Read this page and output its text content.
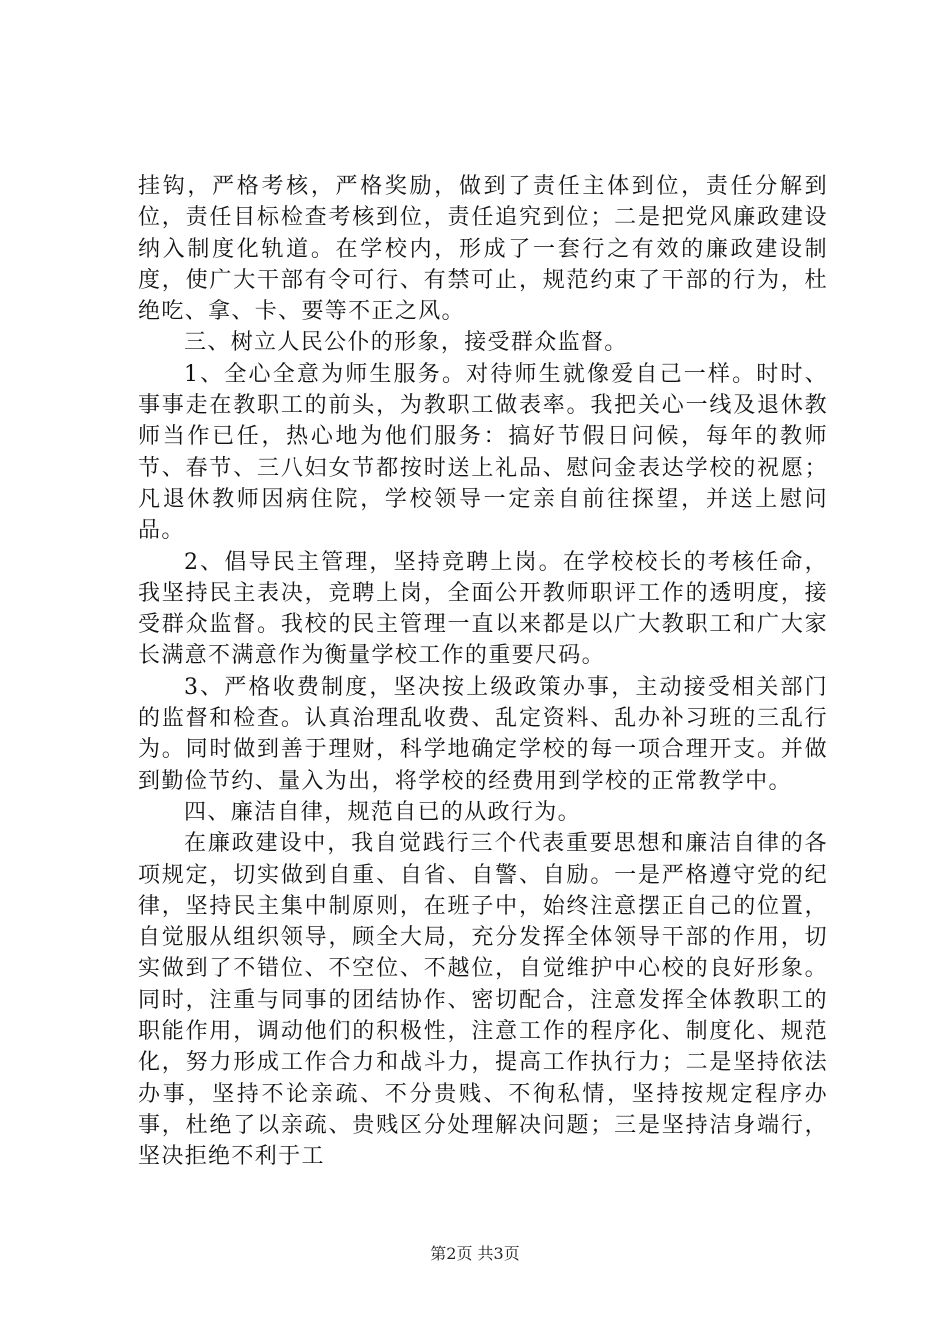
挂钩，严格考核，严格奖励，做到了责任主体到位，责任分解到位，责任目标检查考核到位，责任追究到位；二是把党风廉政建设纳入制度化轨道。在学校内，形成了一套行之有效的廉政建设制度，使广大干部有令可行、有禁可止，规范约束了干部的行为，杜绝吃、拿、卡、要等不正之风。

三、树立人民公仆的形象，接受群众监督。

1、全心全意为师生服务。对待师生就像爱自己一样。时时、事事走在教职工的前头，为教职工做表率。我把关心一线及退休教师当作已任，热心地为他们服务：搞好节假日问候，每年的教师节、春节、三八妇女节都按时送上礼品、慰问金表达学校的祝愿；凡退休教师因病住院，学校领导一定亲自前往探望，并送上慰问品。

2、倡导民主管理，坚持竞聘上岗。在学校校长的考核任命，我坚持民主表决，竞聘上岗，全面公开教师职评工作的透明度，接受群众监督。我校的民主管理一直以来都是以广大教职工和广大家长满意不满意作为衡量学校工作的重要尺码。

3、严格收费制度，坚决按上级政策办事，主动接受相关部门的监督和检查。认真治理乱收费、乱定资料、乱办补习班的三乱行为。同时做到善于理财，科学地确定学校的每一项合理开支。并做到勤俭节约、量入为出，将学校的经费用到学校的正常教学中。

四、廉洁自律，规范自已的从政行为。

在廉政建设中，我自觉践行三个代表重要思想和廉洁自律的各项规定，切实做到自重、自省、自警、自励。一是严格遵守党的纪律，坚持民主集中制原则，在班子中，始终注意摆正自己的位置，自觉服从组织领导，顾全大局，充分发挥全体领导干部的作用，切实做到了不错位、不空位、不越位，自觉维护中心校的良好形象。同时，注重与同事的团结协作、密切配合，注意发挥全体教职工的职能作用，调动他们的积极性，注意工作的程序化、制度化、规范化，努力形成工作合力和战斗力，提高工作执行力；二是坚持依法办事，坚持不论亲疏、不分贵贱、不徇私情，坚持按规定程序办事，杜绝了以亲疏、贵贱区分处理解决问题；三是坚持洁身端行，坚决拒绝不利于工

第2页 共3页
